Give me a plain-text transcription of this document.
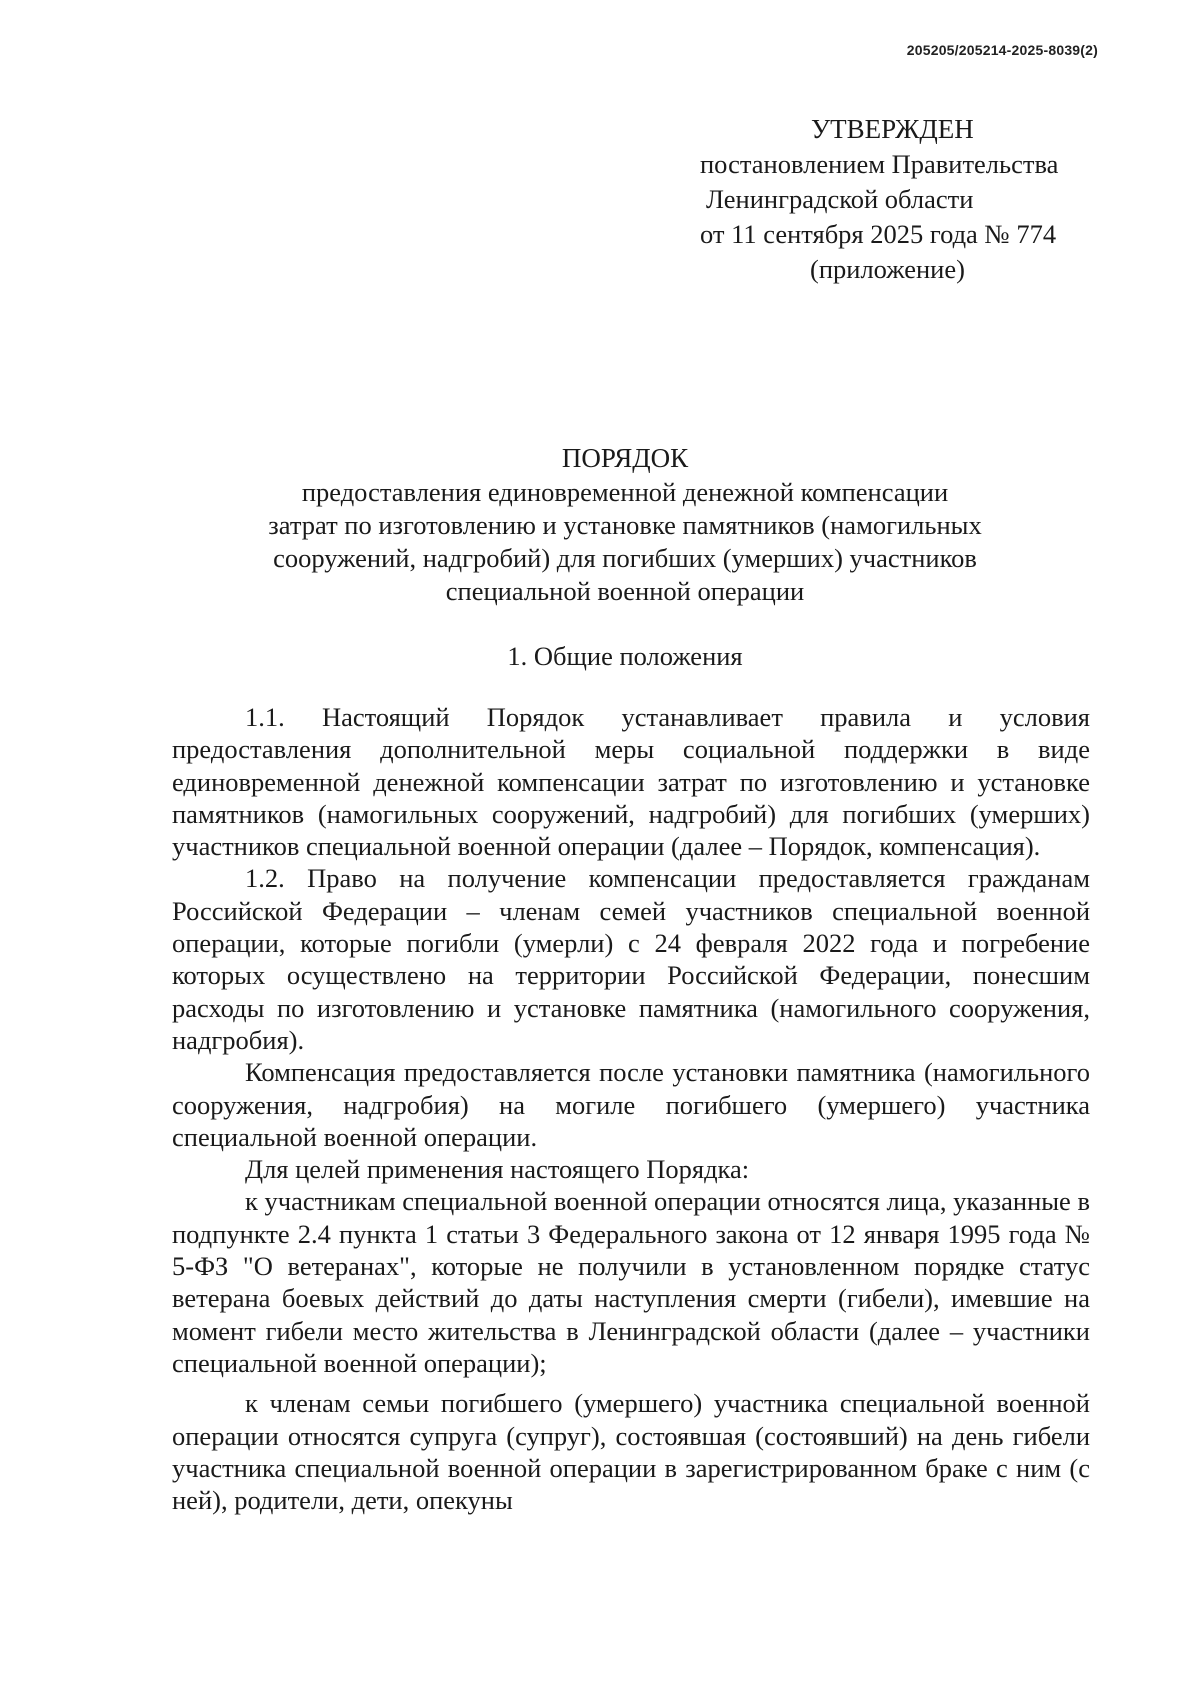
205205/205214-2025-8039(2)
УТВЕРЖДЕН
постановлением Правительства
Ленинградской области
от 11 сентября 2025 года № 774
(приложение)
ПОРЯДОК
предоставления единовременной денежной компенсации
затрат по изготовлению и установке памятников (намогильных
сооружений, надгробий) для погибших (умерших) участников
специальной военной операции
1. Общие положения

1.1. Настоящий Порядок устанавливает правила и условия предоставления дополнительной меры социальной поддержки в виде единовременной денежной компенсации затрат по изготовлению и установке памятников (намогильных сооружений, надгробий) для погибших (умерших) участников специальной военной операции (далее – Порядок, компенсация).

1.2. Право на получение компенсации предоставляется гражданам Российской Федерации – членам семей участников специальной военной операции, которые погибли (умерли) с 24 февраля 2022 года и погребение которых осуществлено на территории Российской Федерации, понесшим расходы по изготовлению и установке памятника (намогильного сооружения, надгробия).

Компенсация предоставляется после установки памятника (намогильного сооружения, надгробия) на могиле погибшего (умершего) участника специальной военной операции.

Для целей применения настоящего Порядка:

к участникам специальной военной операции относятся лица, указанные в подпункте 2.4 пункта 1 статьи 3 Федерального закона от 12 января 1995 года № 5-ФЗ "О ветеранах", которые не получили в установленном порядке статус ветерана боевых действий до даты наступления смерти (гибели), имевшие на момент гибели место жительства в Ленинградской области (далее – участники специальной военной операции);

к членам семьи погибшего (умершего) участника специальной военной операции относятся супруга (супруг), состоявшая (состоявший) на день гибели участника специальной военной операции в зарегистрированном браке с ним (с ней), родители, дети, опекуны
